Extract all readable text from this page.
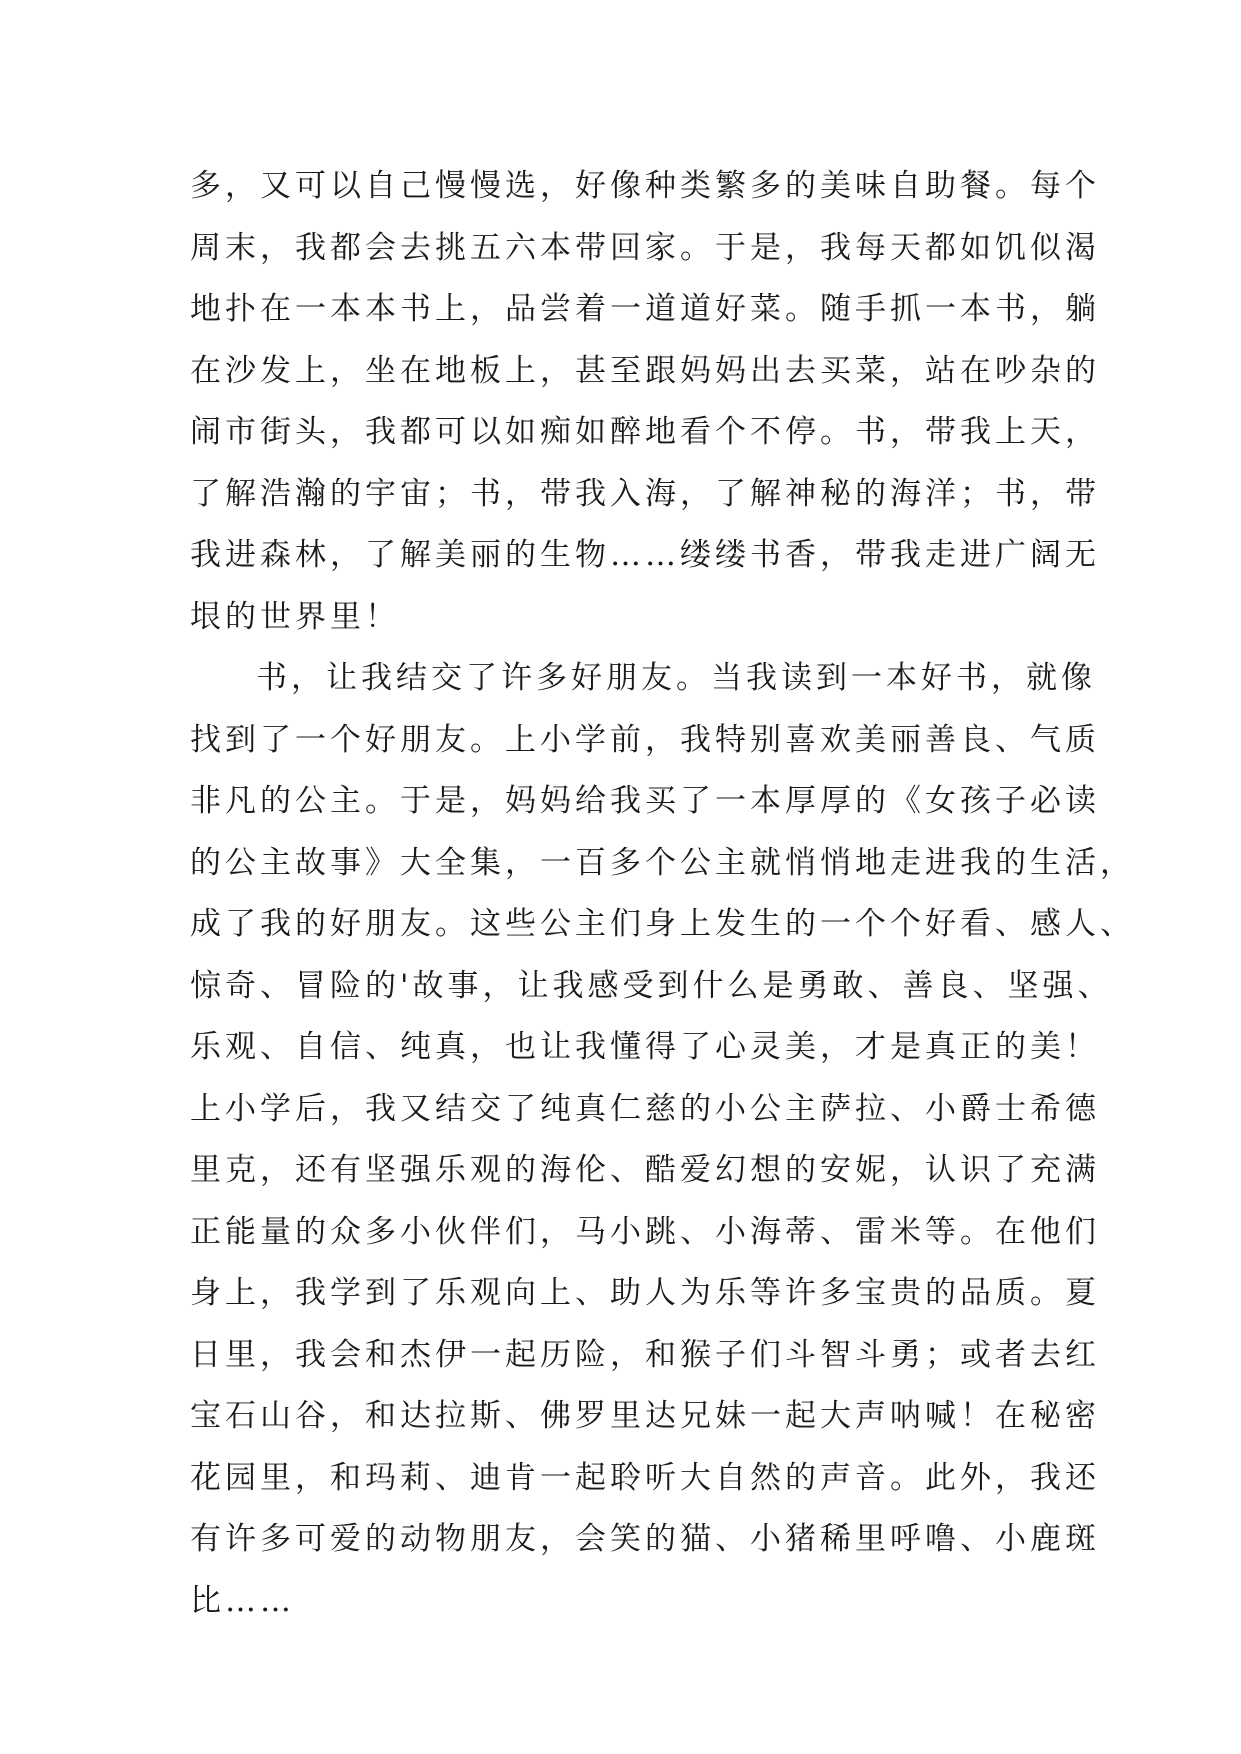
多，又可以自己慢慢选，好像种类繁多的美味自助餐。每个
周末，我都会去挑五六本带回家。于是，我每天都如饥似渴
地扑在一本本书上，品尝着一道道好菜。随手抓一本书，躺
在沙发上，坐在地板上，甚至跟妈妈出去买菜，站在吵杂的
闹市街头，我都可以如痴如醉地看个不停。书，带我上天，
了解浩瀚的宇宙；书，带我入海，了解神秘的海洋；书，带
我进森林，了解美丽的生物……缕缕书香，带我走进广阔无
垠的世界里！
书，让我结交了许多好朋友。当我读到一本好书，就像
找到了一个好朋友。上小学前，我特别喜欢美丽善良、气质
非凡的公主。于是，妈妈给我买了一本厚厚的《女孩子必读
的公主故事》大全集，一百多个公主就悄悄地走进我的生活，
成了我的好朋友。这些公主们身上发生的一个个好看、感人、
惊奇、冒险的'故事，让我感受到什么是勇敢、善良、坚强、
乐观、自信、纯真，也让我懂得了心灵美，才是真正的美！
上小学后，我又结交了纯真仁慈的小公主萨拉、小爵士希德
里克，还有坚强乐观的海伦、酷爱幻想的安妮，认识了充满
正能量的众多小伙伴们，马小跳、小海蒂、雷米等。在他们
身上，我学到了乐观向上、助人为乐等许多宝贵的品质。夏
日里，我会和杰伊一起历险，和猴子们斗智斗勇；或者去红
宝石山谷，和达拉斯、佛罗里达兄妹一起大声呐喊！在秘密
花园里，和玛莉、迪肯一起聆听大自然的声音。此外，我还
有许多可爱的动物朋友，会笑的猫、小猪稀里呼噜、小鹿斑
比……
